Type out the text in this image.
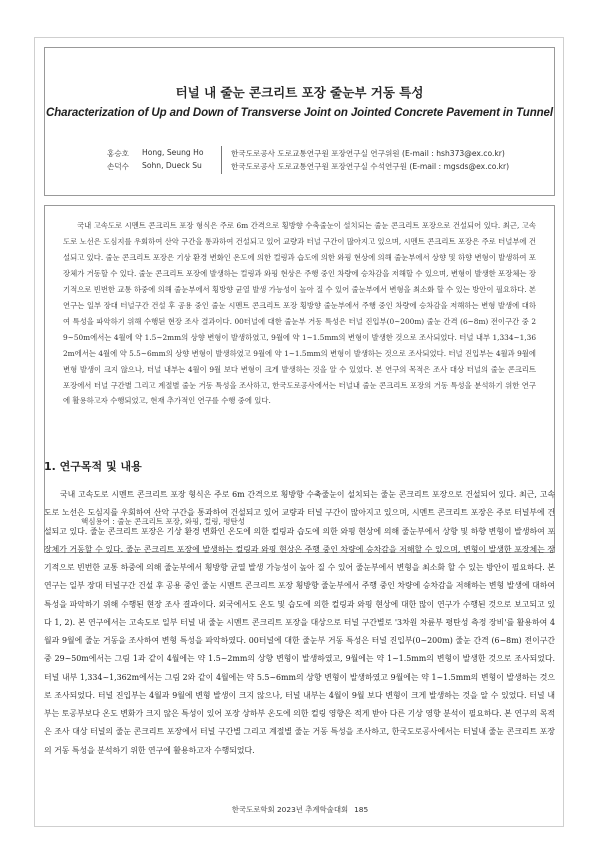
터널 내 줄눈 콘크리트 포장 줄눈부 거동 특성
Characterization of Up and Down of Transverse Joint on Jointed Concrete Pavement in Tunnel
홍승호 Hong, Seung Ho	한국도로공사 도로교통연구원 포장연구실 연구위원 (E-mail : hsh373@ex.co.kr)
손덕수 Sohn, Dueck Su	한국도로공사 도로교통연구원 포장연구실 수석연구원 (E-mail : mgsds@ex.co.kr)
국내 고속도로 시멘트 콘크리트 포장 형식은 주로 6m 간격으로 횡방향 수축줄눈이 설치되는 줄눈 콘크리트 포장으로 건설되어 있다. 최근, 고속도로 노선은 도심지를 우회하여 산악 구간을 통과하여 건설되고 있어 교량과 터널 구간이 많아지고 있으며, 시멘트 콘크리트 포장은 주로 터널부에 건설되고 있다. 줄눈 콘크리트 포장은 기상 환경 변화인 온도에 의한 컬링과 습도에 의한 와핑 현상에 의해 줄눈부에서 상향 및 하향 변형이 발생하여 포장체가 거동할 수 있다. 줄눈 콘크리트 포장에 발생하는 컬링과 와핑 현상은 주행 중인 차량에 승차감을 저해할 수 있으며, 변형이 발생한 포장체는 장기적으로 빈번한 교통 하중에 의해 줄눈부에서 횡방향 균열 발생 가능성이 높아 질 수 있어 줄눈부에서 변형을 최소화 할 수 있는 방안이 필요하다. 본 연구는 일부 장대 터널구간 건설 후 공용 중인 줄눈 시멘트 콘크리트 포장 횡방향 줄눈부에서 주행 중인 차량에 승차감을 저해하는 변형 발생에 대하여 특성을 파악하기 위해 수행된 현장 조사 결과이다. 00터널에 대한 줄눈부 거동 특성은 터널 진입부(0~200m) 줄눈 간격 (6~8m) 전이구간 중 29~50m에서는 4월에 약 1.5~2mm의 상향 변형이 발생하였고, 9월에 약 1~1.5mm의 변형이 발생한 것으로 조사되었다. 터널 내부 1,334~1,362m에서는 4월에 약 5.5~6mm의 상향 변형이 발생하였고 9월에 약 1~1.5mm의 변형이 발생하는 것으로 조사되었다. 터널 진입부는 4월과 9월에 변형 발생이 크지 않으나, 터널 내부는 4월이 9월 보다 변형이 크게 발생하는 것을 알 수 있었다. 본 연구의 목적은 조사 대상 터널의 줄눈 콘크리트 포장에서 터널 구간별 그리고 계절별 줄눈 거동 특성을 조사하고, 한국도로공사에서는 터널내 줄눈 콘크리트 포장의 거동 특성을 분석하기 위한 연구에 활용하고자 수행되었고, 현재 추가적인 연구를 수행 중에 있다.
핵심용어 : 줄눈 콘크리트 포장, 와핑, 컬링, 평탄성
1. 연구목적 및 내용
국내 고속도로 시멘트 콘크리트 포장 형식은 주로 6m 간격으로 횡방향 수축줄눈이 설치되는 줄눈 콘크리트 포장으로 건설되어 있다. 최근, 고속도로 노선은 도심지를 우회하여 산악 구간을 통과하여 건설되고 있어 교량과 터널 구간이 많아지고 있으며, 시멘트 콘크리트 포장은 주로 터널부에 건설되고 있다. 줄눈 콘크리트 포장은 기상 환경 변화인 온도에 의한 컬링과 습도에 의한 와핑 현상에 의해 줄눈부에서 상향 및 하향 변형이 발생하여 포장체가 거동할 수 있다. 줄눈 콘크리트 포장에 발생하는 컬링과 와핑 현상은 주행 중인 차량에 승차감을 저해할 수 있으며, 변형이 발생한 포장체는 장기적으로 빈번한 교통 하중에 의해 줄눈부에서 횡방향 균열 발생 가능성이 높아 질 수 있어 줄눈부에서 변형을 최소화 할 수 있는 방안이 필요하다. 본 연구는 일부 장대 터널구간 건설 후 공용 중인 줄눈 시멘트 콘크리트 포장 횡방향 줄눈부에서 주행 중인 차량에 승차감을 저해하는 변형 발생에 대하여 특성을 파악하기 위해 수행된 현장 조사 결과이다. 외국에서도 온도 및 습도에 의한 컬링과 와핑 현상에 대한 많이 연구가 수행된 것으로 보고되고 있다 1, 2). 본 연구에서는 고속도로 일부 터널 내 줄눈 시멘트 콘크리트 포장을 대상으로 터널 구간별로 '3차원 차륜부 평탄성 측정 장비'를 활용하여 4월과 9월에 줄눈 거동을 조사하여 변형 특성을 파악하였다. 00터널에 대한 줄눈부 거동 특성은 터널 진입부(0~200m) 줄눈 간격 (6~8m) 전이구간 중 29~50m에서는 그림 1과 같이 4월에는 약 1.5~2mm의 상향 변형이 발생하였고, 9월에는 약 1~1.5mm의 변형이 발생한 것으로 조사되었다. 터널 내부 1,334~1,362m에서는 그림 2와 같이 4월에는 약 5.5~6mm의 상향 변형이 발생하였고 9월에는 약 1~1.5mm의 변형이 발생하는 것으로 조사되었다. 터널 진입부는 4월과 9월에 변형 발생이 크지 않으나, 터널 내부는 4월이 9월 보다 변형이 크게 발생하는 것을 알 수 있었다. 터널 내부는 토공부보다 온도 변화가 크지 않은 특성이 있어 포장 상하부 온도에 의한 컬링 영향은 적게 받아 다른 기상 영향 분석이 필요하다. 본 연구의 목적은 조사 대상 터널의 줄눈 콘크리트 포장에서 터널 구간별 그리고 계절별 줄눈 거동 특성을 조사하고, 한국도로공사에서는 터널내 줄눈 콘크리트 포장의 거동 특성을 분석하기 위한 연구에 활용하고자 수행되었다.
한국도로학회 2023년 추계학술대회 185
